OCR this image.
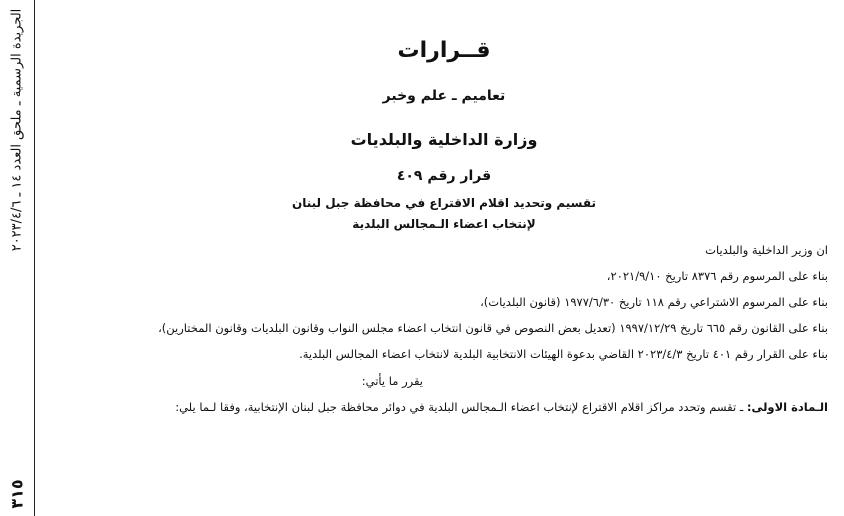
الجريدة الرسمية ـ ملحق العدد ١٤ ـ ٢٠٢٣/٤/٦
٣١٥
قــرارات
تعاميم ـ علم وخبر
وزارة الداخلية والبلديات
قرار رقم ٤٠٩
تقسيم وتحديد اقلام الاقتراع في محافظة جبل لبنان
لإنتخاب اعضاء الـمجالس البلدية
ان وزير الداخلية والبلديات
بناء على المرسوم رقم ٨٣٧٦ تاريخ ٢٠٢١/٩/١٠،
بناء على المرسوم الاشتراعي رقم ١١٨ تاريخ ١٩٧٧/٦/٣٠ (قانون البلديات)،
بناء على القانون رقم ٦٦٥ تاريخ ١٩٩٧/١٢/٢٩ (تعديل بعض النصوص في قانون انتخاب اعضاء مجلس النواب وقانون البلديات وقانون المختارين)،
بناء على القرار رقم ٤٠١ تاريخ ٢٠٢٣/٤/٣ القاضي بدعوة الهيئات الانتخابية البلدية لانتخاب اعضاء المجالس البلدية.
يقرر ما يأتي:
الـمادة الاولى: ـ تقسم وتحدد مراكز اقلام الاقتراع لإنتخاب اعضاء الـمجالس البلدية في دوائر محافظة جبل لبنان الإنتخابية، وفقا لـما يلي:
